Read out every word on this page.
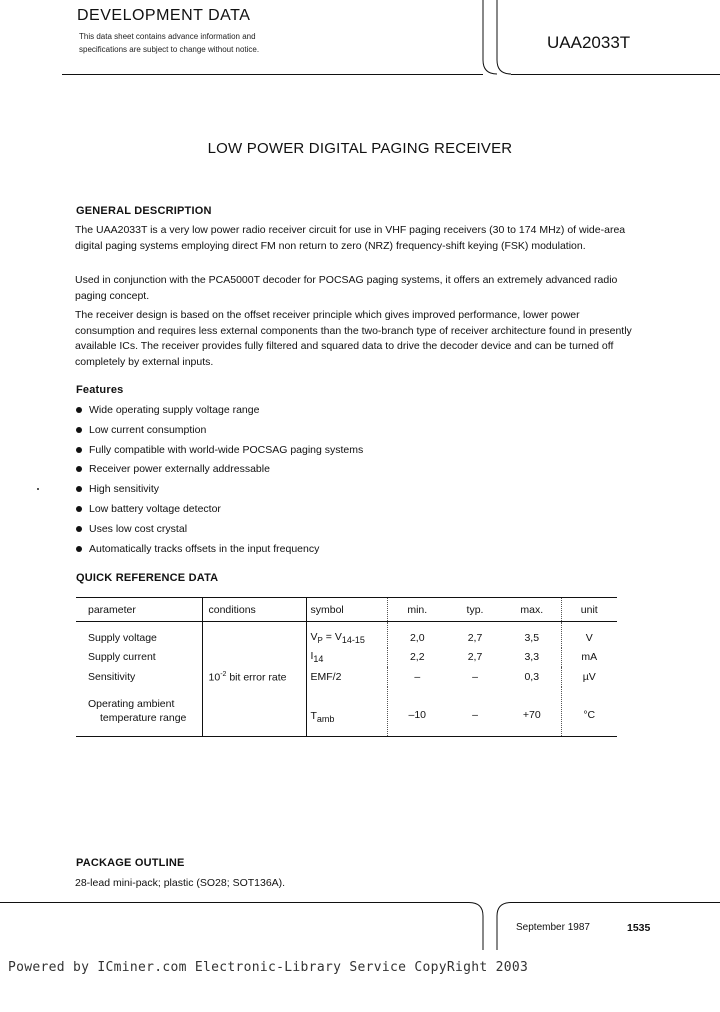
DEVELOPMENT DATA
This data sheet contains advance information and
specifications are subject to change without notice.	UAA2033T
LOW POWER DIGITAL PAGING RECEIVER
GENERAL DESCRIPTION
The UAA2033T is a very low power radio receiver circuit for use in VHF paging receivers (30 to 174 MHz) of wide-area digital paging systems employing direct FM non return to zero (NRZ) frequency-shift keying (FSK) modulation.
Used in conjunction with the PCA5000T decoder for POCSAG paging systems, it offers an extremely advanced radio paging concept.
The receiver design is based on the offset receiver principle which gives improved performance, lower power consumption and requires less external components than the two-branch type of receiver architecture found in presently available ICs. The receiver provides fully filtered and squared data to drive the decoder device and can be turned off completely by external inputs.
Features
Wide operating supply voltage range
Low current consumption
Fully compatible with world-wide POCSAG paging systems
Receiver power externally addressable
High sensitivity
Low battery voltage detector
Uses low cost crystal
Automatically tracks offsets in the input frequency
QUICK REFERENCE DATA
parameter	conditions	symbol	min.	typ.	max.	unit
Supply voltage		$V_P = V_{14-15}$	2,0	2,7	3,5	V
Supply current		$I_{14}$	2,2	2,7	3,3	mA
Sensitivity	$10^{-2}$ bit error rate	EMF/2	–	–	0,3	µV

Operating ambient
temperature range		$T_{amb}$	–10	–	+70	°C
PACKAGE OUTLINE
28-lead mini-pack; plastic (SO28; SOT136A).
September 1987	1535
Powered by ICminer.com Electronic-Library Service CopyRight 2003
